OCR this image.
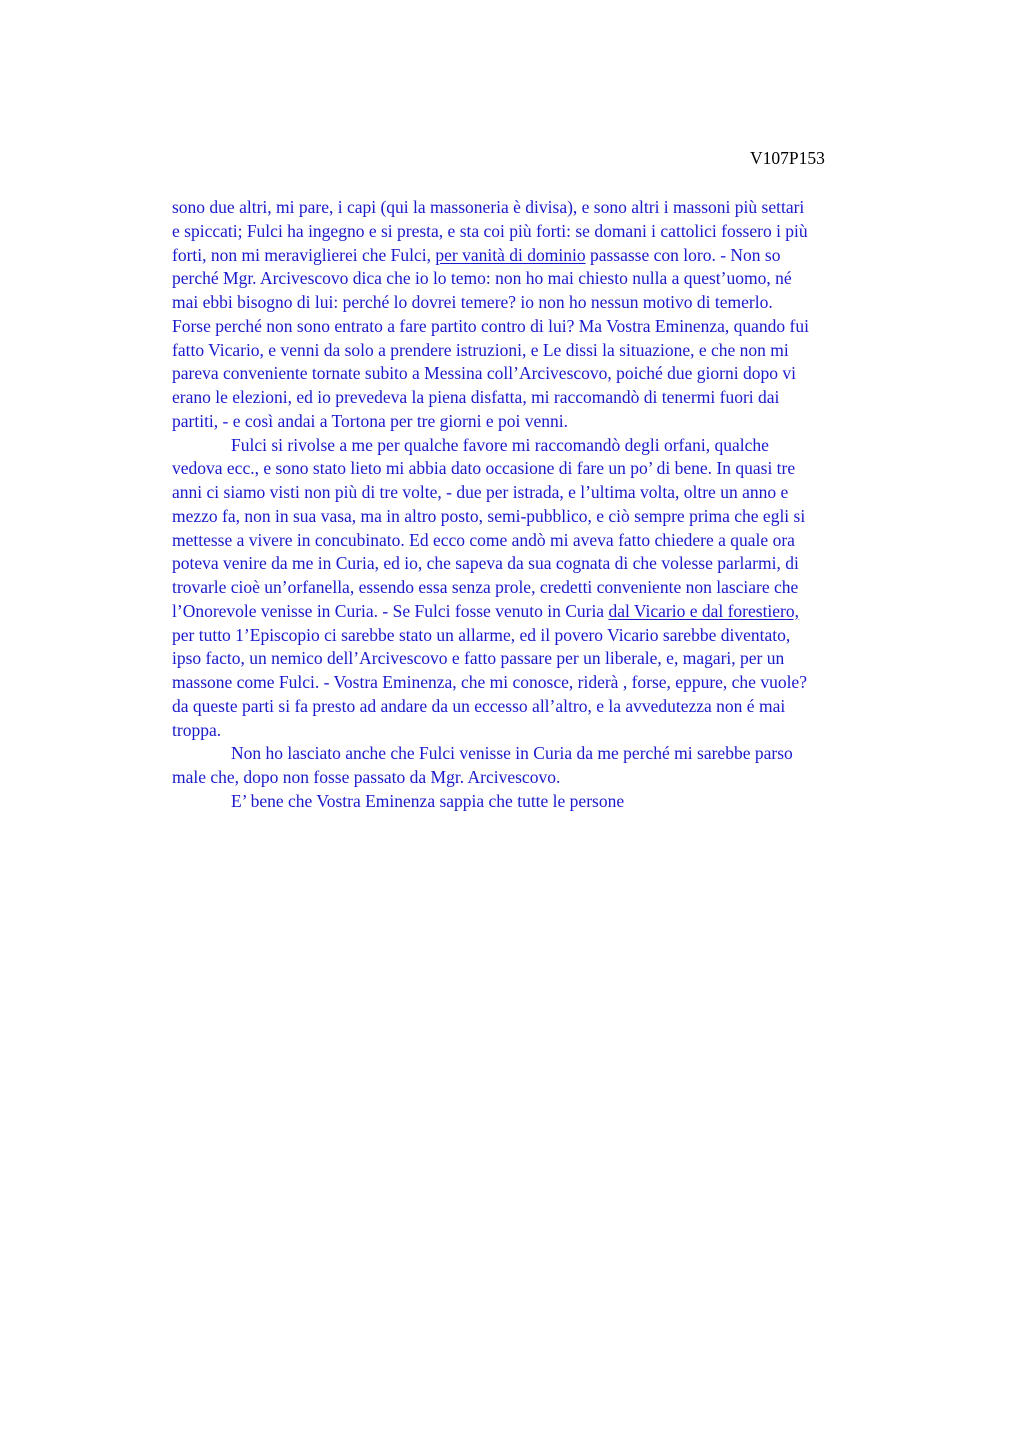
V107P153
sono due altri, mi pare, i capi (qui la massoneria è divisa), e sono altri i massoni più settari
e spiccati; Fulci ha ingegno e si presta, e sta coi più forti: se domani i cattolici fossero i più
forti, non mi meraviglierei che Fulci, per vanità di dominio passasse con loro. - Non so
perché Mgr. Arcivescovo dica che io lo temo: non ho mai chiesto nulla a quest’uomo, né
mai ebbi bisogno di lui: perché lo dovrei temere? io non ho nessun motivo di temerlo.
Forse perché non sono entrato a fare partito contro di lui? Ma Vostra Eminenza, quando fui
fatto Vicario, e venni da solo a prendere istruzioni, e Le dissi la situazione, e che non mi
pareva conveniente tornate subito a Messina coll’Arcivescovo, poiché due giorni dopo vi
erano le elezioni, ed io prevedeva la piena disfatta, mi raccomandò di tenermi fuori dai
partiti, - e così andai a Tortona per tre giorni e poi venni.
Fulci si rivolse a me per qualche favore mi raccomandò degli orfani, qualche
vedova ecc., e sono stato lieto mi abbia dato occasione di fare un po’ di bene. In quasi tre
anni ci siamo visti non più di tre volte, - due per istrada, e l’ultima volta, oltre un anno e
mezzo fa, non in sua vasa, ma in altro posto, semi-pubblico, e ciò sempre prima che egli si
mettesse a vivere in concubinato. Ed ecco come andò mi aveva fatto chiedere a quale ora
poteva venire da me in Curia, ed io, che sapeva da sua cognata di che volesse parlarmi, di
trovarle cioè un’orfanella, essendo essa senza prole, credetti conveniente non lasciare che
l’Onorevole venisse in Curia. - Se Fulci fosse venuto in Curia dal Vicario e dal forestiero,
per tutto 1’Episcopio ci sarebbe stato un allarme, ed il povero Vicario sarebbe diventato,
ipso facto, un nemico dell’Arcivescovo e fatto passare per un liberale, e, magari, per un
massone come Fulci. - Vostra Eminenza, che mi conosce, riderà , forse, eppure, che vuole?
da queste parti si fa presto ad andare da un eccesso all’altro, e la avvedutezza non é mai
troppa.
Non ho lasciato anche che Fulci venisse in Curia da me perché mi sarebbe parso
male che, dopo non fosse passato da Mgr. Arcivescovo.
E’ bene che Vostra Eminenza sappia che tutte le persone
